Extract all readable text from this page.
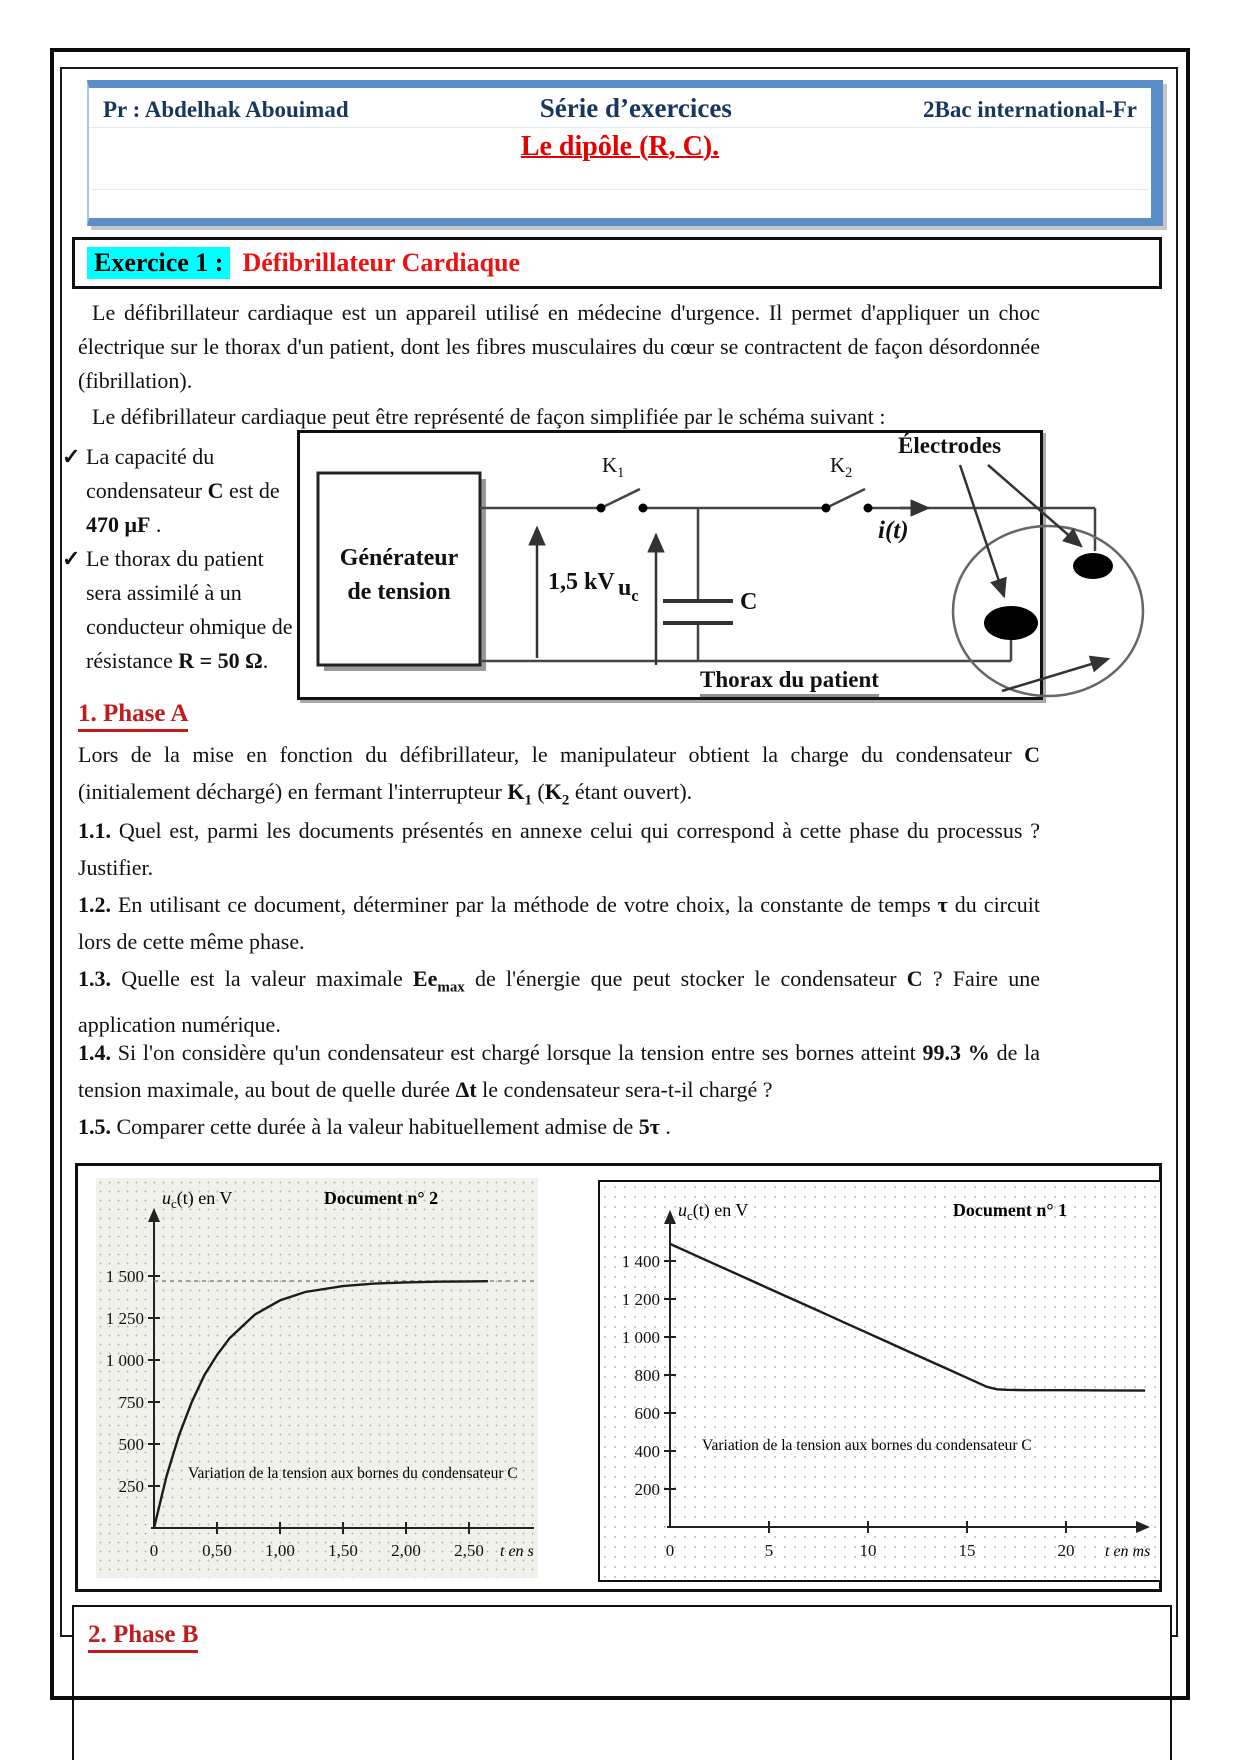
Pr : Abdelhak Abouimad	Série d’exercices	2Bac international-Fr
Le dipôle (R, C).
Exercice 1 : Défibrillateur Cardiaque
Le défibrillateur cardiaque est un appareil utilisé en médecine d'urgence. Il permet d'appliquer un choc électrique sur le thorax d'un patient, dont les fibres musculaires du cœur se contractent de façon désordonnée (fibrillation).
Le défibrillateur cardiaque peut être représenté de façon simplifiée par le schéma suivant :
✓ La capacité du condensateur C est de 470 μF .
✓ Le thorax du patient sera assimilé à un conducteur ohmique de résistance R = 50 Ω.
Générateur
de tension	1,5 kV
$K_1$	$K_2$
$u_c$	C
i(t)
Électrodes
Thorax du patient
1. Phase A
Lors de la mise en fonction du défibrillateur, le manipulateur obtient la charge du condensateur C (initialement déchargé) en fermant l'interrupteur $K_1$ ($K_2$ étant ouvert).
1.1. Quel est, parmi les documents présentés en annexe celui qui correspond à cette phase du processus ? Justifier.
1.2. En utilisant ce document, déterminer par la méthode de votre choix, la constante de temps τ du circuit lors de cette même phase.
1.3. Quelle est la valeur maximale $Ee_{max}$ de l'énergie que peut stocker le condensateur C ? Faire une application numérique.
1.4. Si l'on considère qu'un condensateur est chargé lorsque la tension entre ses bornes atteint 99.3 % de la tension maximale, au bout de quelle durée Δt le condensateur sera-t-il chargé ?
1.5. Comparer cette durée à la valeur habituellement admise de 5τ .
1 500
1 250
1 000
750
500
250
0	0,50 1,00 1,50 2,00 2,50 t en s
$u_c(t)$ en V	Document n° 2
Variation de la tension aux bornes du condensateur C
1 400
1 200
1 000
800
600
400
200
0	5	10	15	20 t en ms
$u_c(t)$ en V	Document n° 1
Variation de la tension aux bornes du condensateur C
2. Phase B
